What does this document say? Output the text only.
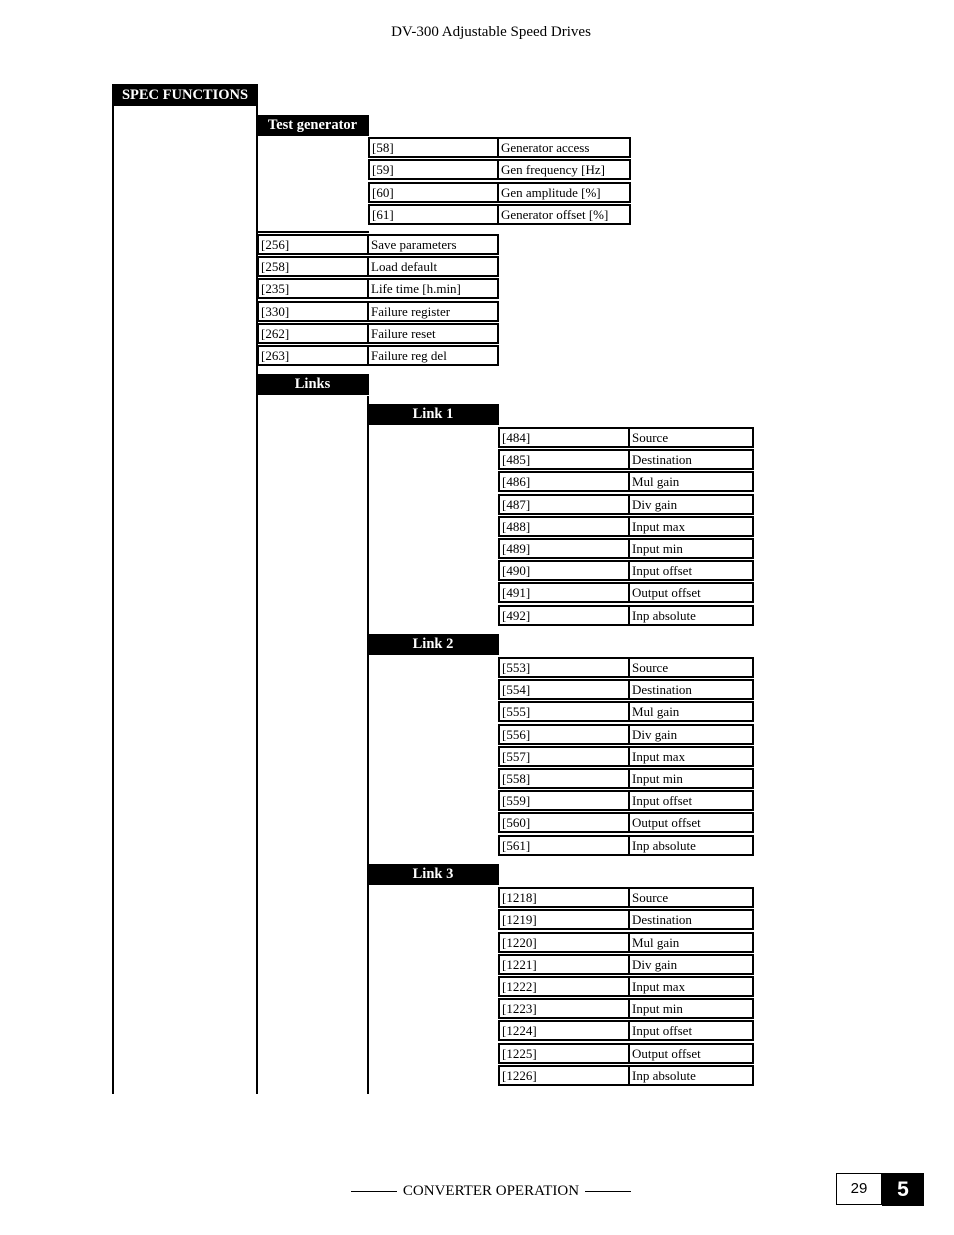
DV-300 Adjustable Speed Drives
SPEC FUNCTIONS
Test generator
Links
Link 1
Link 2
Link 3
[58]	Generator access
[59]	Gen frequency [Hz]
[60]	Gen amplitude [%]
[61]	Generator offset [%]
[256]	Save parameters
[258]	Load default
[235]	Life time [h.min]
[330]	Failure register
[262]	Failure reset
[263]	Failure reg del
[484]	Source
[485]	Destination
[486]	Mul gain
[487]	Div gain
[488]	Input max
[489]	Input min
[490]	Input offset
[491]	Output offset
[492]	Inp absolute
[553]	Source
[554]	Destination
[555]	Mul gain
[556]	Div gain
[557]	Input max
[558]	Input min
[559]	Input offset
[560]	Output offset
[561]	Inp absolute
[1218]	Source
[1219]	Destination
[1220]	Mul gain
[1221]	Div gain
[1222]	Input max
[1223]	Input min
[1224]	Input offset
[1225]	Output offset
[1226]	Inp absolute
CONVERTER OPERATION	29	5
